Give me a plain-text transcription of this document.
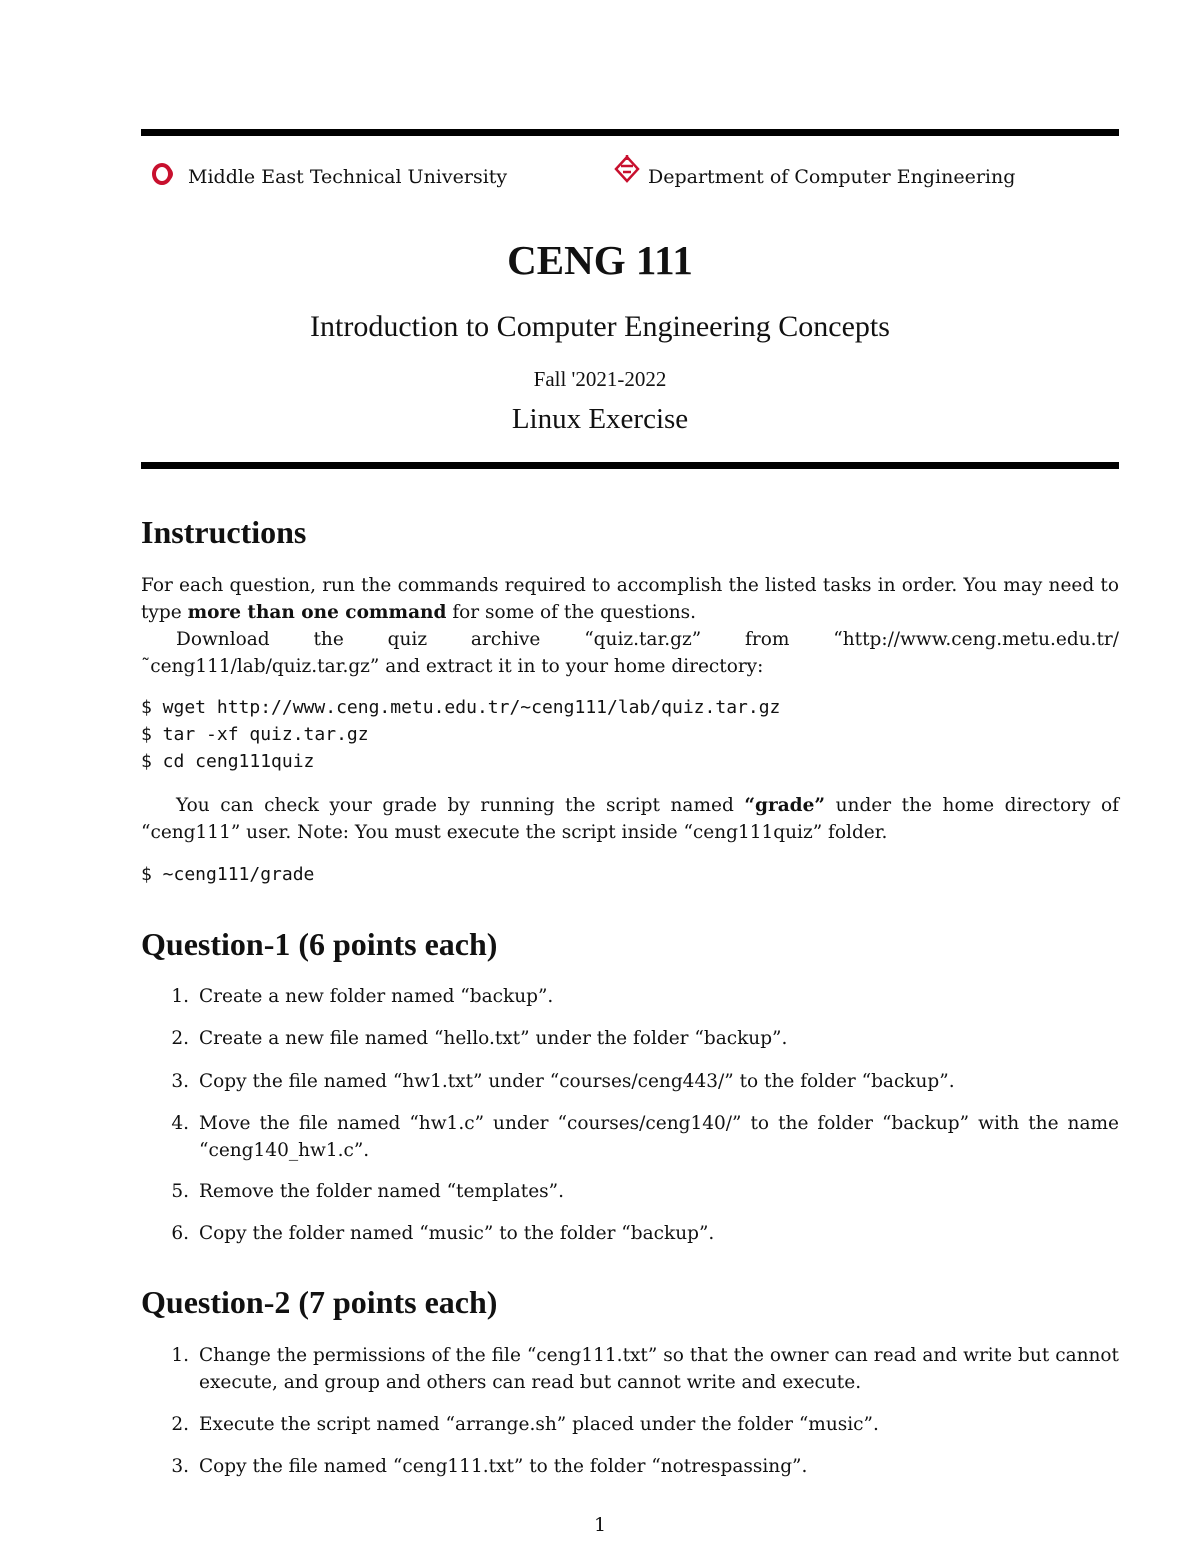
Middle East Technical University	Department of Computer Engineering
CENG 111
Introduction to Computer Engineering Concepts
Fall '2021-2022
Linux Exercise
Instructions
For each question, run the commands required to accomplish the listed tasks in order. You may need to type more than one command for some of the questions.
Download the quiz archive “quiz.tar.gz” from “http://www.ceng.metu.edu.tr/˜ceng111/lab/quiz.tar.gz” and extract it in to your home directory:
$ wget http://www.ceng.metu.edu.tr/~ceng111/lab/quiz.tar.gz
$ tar -xf quiz.tar.gz
$ cd ceng111quiz
You can check your grade by running the script named “grade” under the home directory of “ceng111” user. Note: You must execute the script inside “ceng111quiz” folder.
$ ~ceng111/grade
Question-1 (6 points each)
1. Create a new folder named “backup”.
2. Create a new file named “hello.txt” under the folder “backup”.
3. Copy the file named “hw1.txt” under “courses/ceng443/” to the folder “backup”.
4. Move the file named “hw1.c” under “courses/ceng140/” to the folder “backup” with the name “ceng140_hw1.c”.
5. Remove the folder named “templates”.
6. Copy the folder named “music” to the folder “backup”.
Question-2 (7 points each)
1. Change the permissions of the file “ceng111.txt” so that the owner can read and write but cannot execute, and group and others can read but cannot write and execute.
2. Execute the script named “arrange.sh” placed under the folder “music”.
3. Copy the file named “ceng111.txt” to the folder “notrespassing”.
1
